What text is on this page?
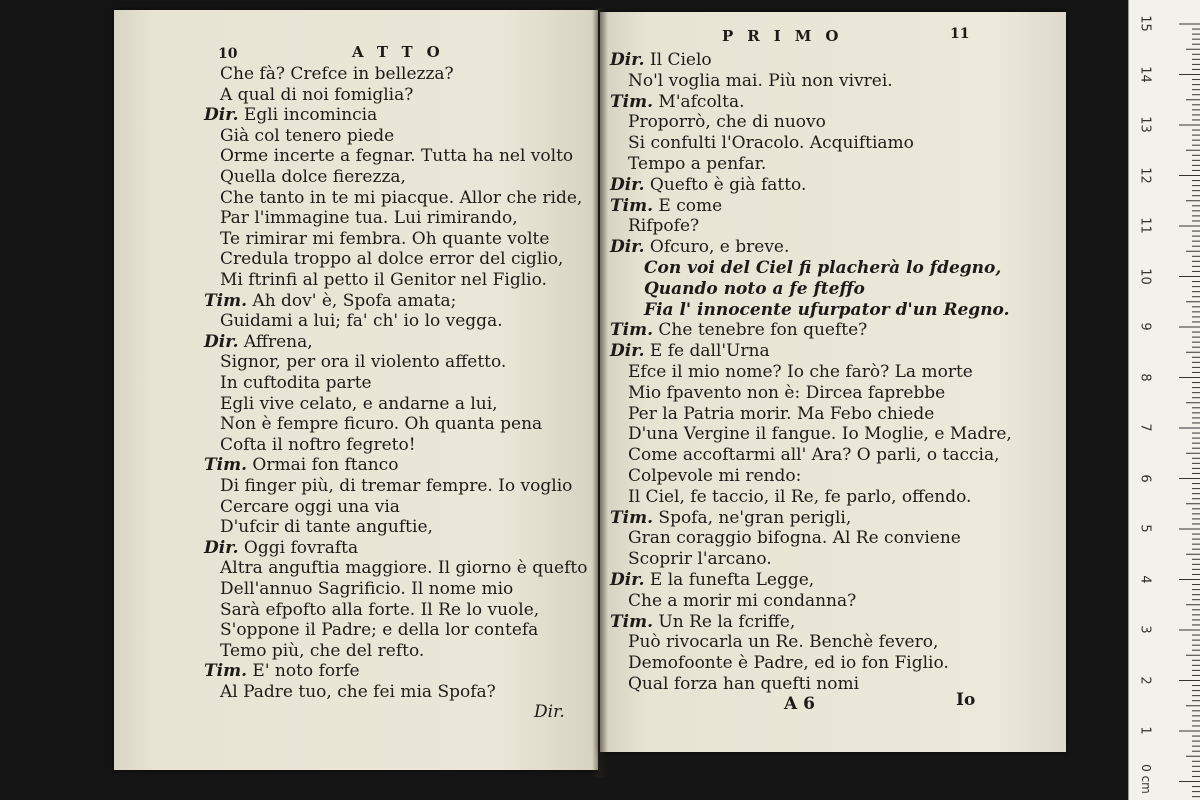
10	ATTO
Che fà? Crefce in bellezza?
A qual di noi fomiglia?
Dir. Egli incomincia
Già col tenero piede
Orme incerte a fegnar. Tutta ha nel volto
Quella dolce fierezza,
Che tanto in te mi piacque. Allor che ride,
Par l'immagine tua. Lui rimirando,
Te rimirar mi fembra. Oh quante volte
Credula troppo al dolce error del ciglio,
Mi ftrinfi al petto il Genitor nel Figlio.
Tim. Ah dov' è, Spofa amata;
Guidami a lui; fa' ch' io lo vegga.
Dir. Affrena,
Signor, per ora il violento affetto.
In cuftodita parte
Egli vive celato, e andarne a lui,
Non è fempre ficuro. Oh quanta pena
Cofta il noftro fegreto!
Tim. Ormai fon ftanco
Di finger più, di tremar fempre. Io voglio
Cercare oggi una via
D'ufcir di tante anguftie,
Dir. Oggi fovrafta
Altra anguftia maggiore. Il giorno è quefto
Dell'annuo Sagrificio. Il nome mio
Sarà efpofto alla forte. Il Re lo vuole,
S'oppone il Padre; e della lor contefa
Temo più, che del refto.
Tim. E' noto forfe
Al Padre tuo, che fei mia Spofa?
Dir.
PRIMO	11
Dir. Il Cielo
No'l voglia mai. Più non vivrei.
Tim. M'afcolta.
Proporrò, che di nuovo
Si confulti l'Oracolo. Acquiftiamo
Tempo a penfar.
Dir. Quefto è già fatto.
Tim. E come
Rifpofe?
Dir. Ofcuro, e breve.
Con voi del Ciel fi placherà lo fdegno,
Quando noto a fe fteffo
Fia l' innocente ufurpator d'un Regno.
Tim. Che tenebre fon quefte?
Dir. E fe dall'Urna
Efce il mio nome? Io che farò? La morte
Mio fpavento non è: Dircea faprebbe
Per la Patria morir. Ma Febo chiede
D'una Vergine il fangue. Io Moglie, e Madre,
Come accoftarmi all' Ara? O parli, o taccia,
Colpevole mi rendo:
Il Ciel, fe taccio, il Re, fe parlo, offendo.
Tim. Spofa, ne'gran perigli,
Gran coraggio bifogna. Al Re conviene
Scoprir l'arcano.
Dir. E la funefta Legge,
Che a morir mi condanna?
Tim. Un Re la fcriffe,
Può rivocarla un Re. Benchè fevero,
Demofoonte è Padre, ed io fon Figlio.
Qual forza han quefti nomi
A 6	Io
0 cm
15
14
13
12
11
10
9
8
7
6
5
4
3
2
1
